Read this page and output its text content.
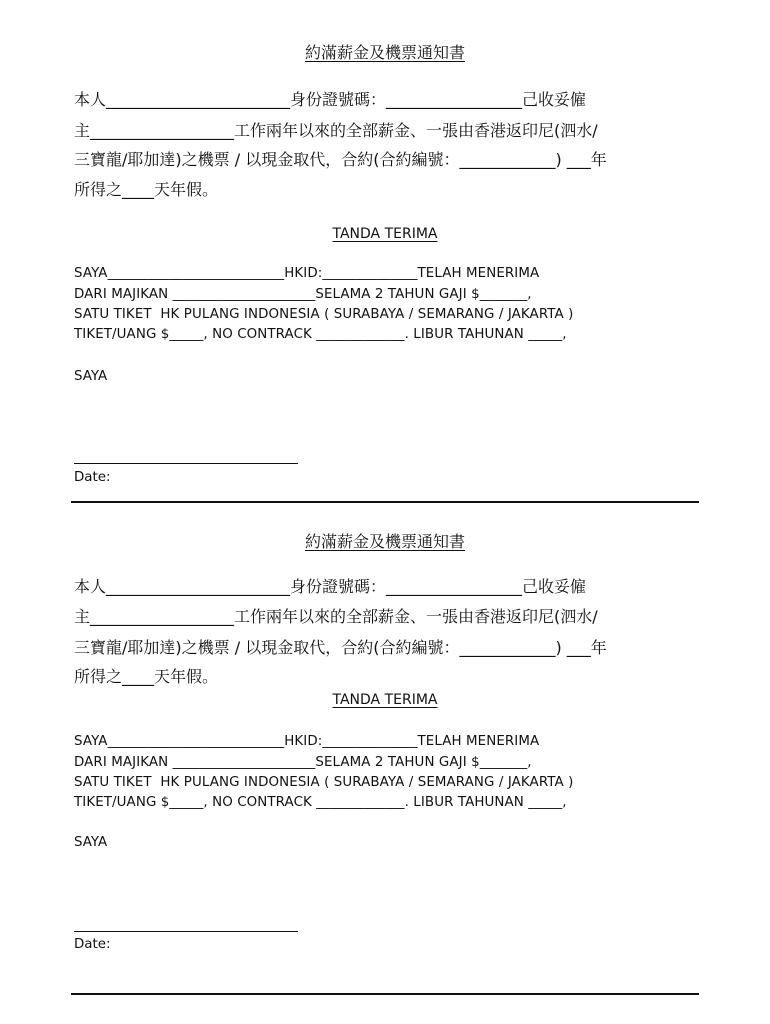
約滿薪金及機票通知書
本人_______________________身份證號碼：_________________己收妥僱
主__________________工作兩年以來的全部薪金、一張由香港返印尼(泗水/
三寶龍/耶加達)之機票 / 以現金取代，合約(合約編號：____________) ___年
所得之____天年假。
TANDA TERIMA
SAYA__________________________HKID:______________TELAH MENERIMA
DARI MAJIKAN _____________________SELAMA 2 TAHUN GAJI $_______,
SATU TIKET  HK PULANG INDONESIA ( SURABAYA / SEMARANG / JAKARTA )
TIKET/UANG $_____, NO CONTRACK _____________. LIBUR TAHUNAN _____,
SAYA
Date:
約滿薪金及機票通知書
本人_______________________身份證號碼：_________________己收妥僱
主__________________工作兩年以來的全部薪金、一張由香港返印尼(泗水/
三寶龍/耶加達)之機票 / 以現金取代，合約(合約編號：____________) ___年
所得之____天年假。
TANDA TERIMA
SAYA__________________________HKID:______________TELAH MENERIMA
DARI MAJIKAN _____________________SELAMA 2 TAHUN GAJI $_______,
SATU TIKET  HK PULANG INDONESIA ( SURABAYA / SEMARANG / JAKARTA )
TIKET/UANG $_____, NO CONTRACK _____________. LIBUR TAHUNAN _____,
SAYA
Date:
